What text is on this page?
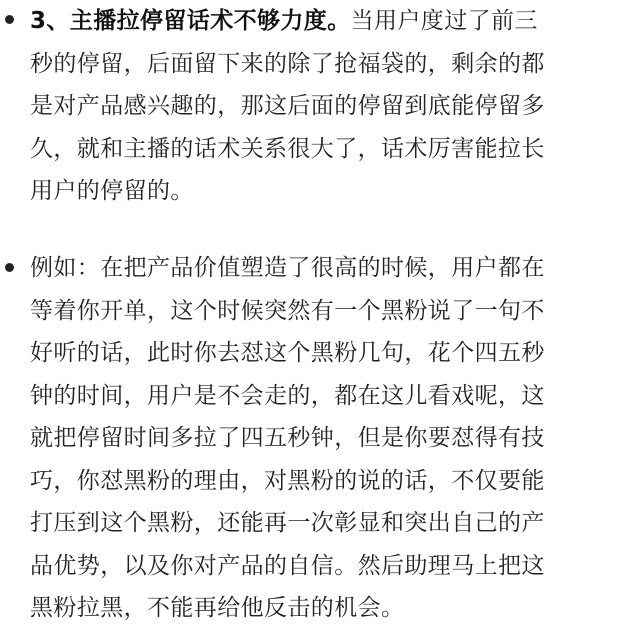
3、主播拉停留话术不够力度。当用户度过了前三
秒的停留，后面留下来的除了抢福袋的，剩余的都
是对产品感兴趣的，那这后面的停留到底能停留多
久，就和主播的话术关系很大了，话术厉害能拉长
用户的停留的。
例如：在把产品价值塑造了很高的时候，用户都在
等着你开单，这个时候突然有一个黑粉说了一句不
好听的话，此时你去怼这个黑粉几句，花个四五秒
钟的时间，用户是不会走的，都在这儿看戏呢，这
就把停留时间多拉了四五秒钟，但是你要怼得有技
巧，你怼黑粉的理由，对黑粉的说的话，不仅要能
打压到这个黑粉，还能再一次彰显和突出自己的产
品优势，以及你对产品的自信。然后助理马上把这
黑粉拉黑，不能再给他反击的机会。
